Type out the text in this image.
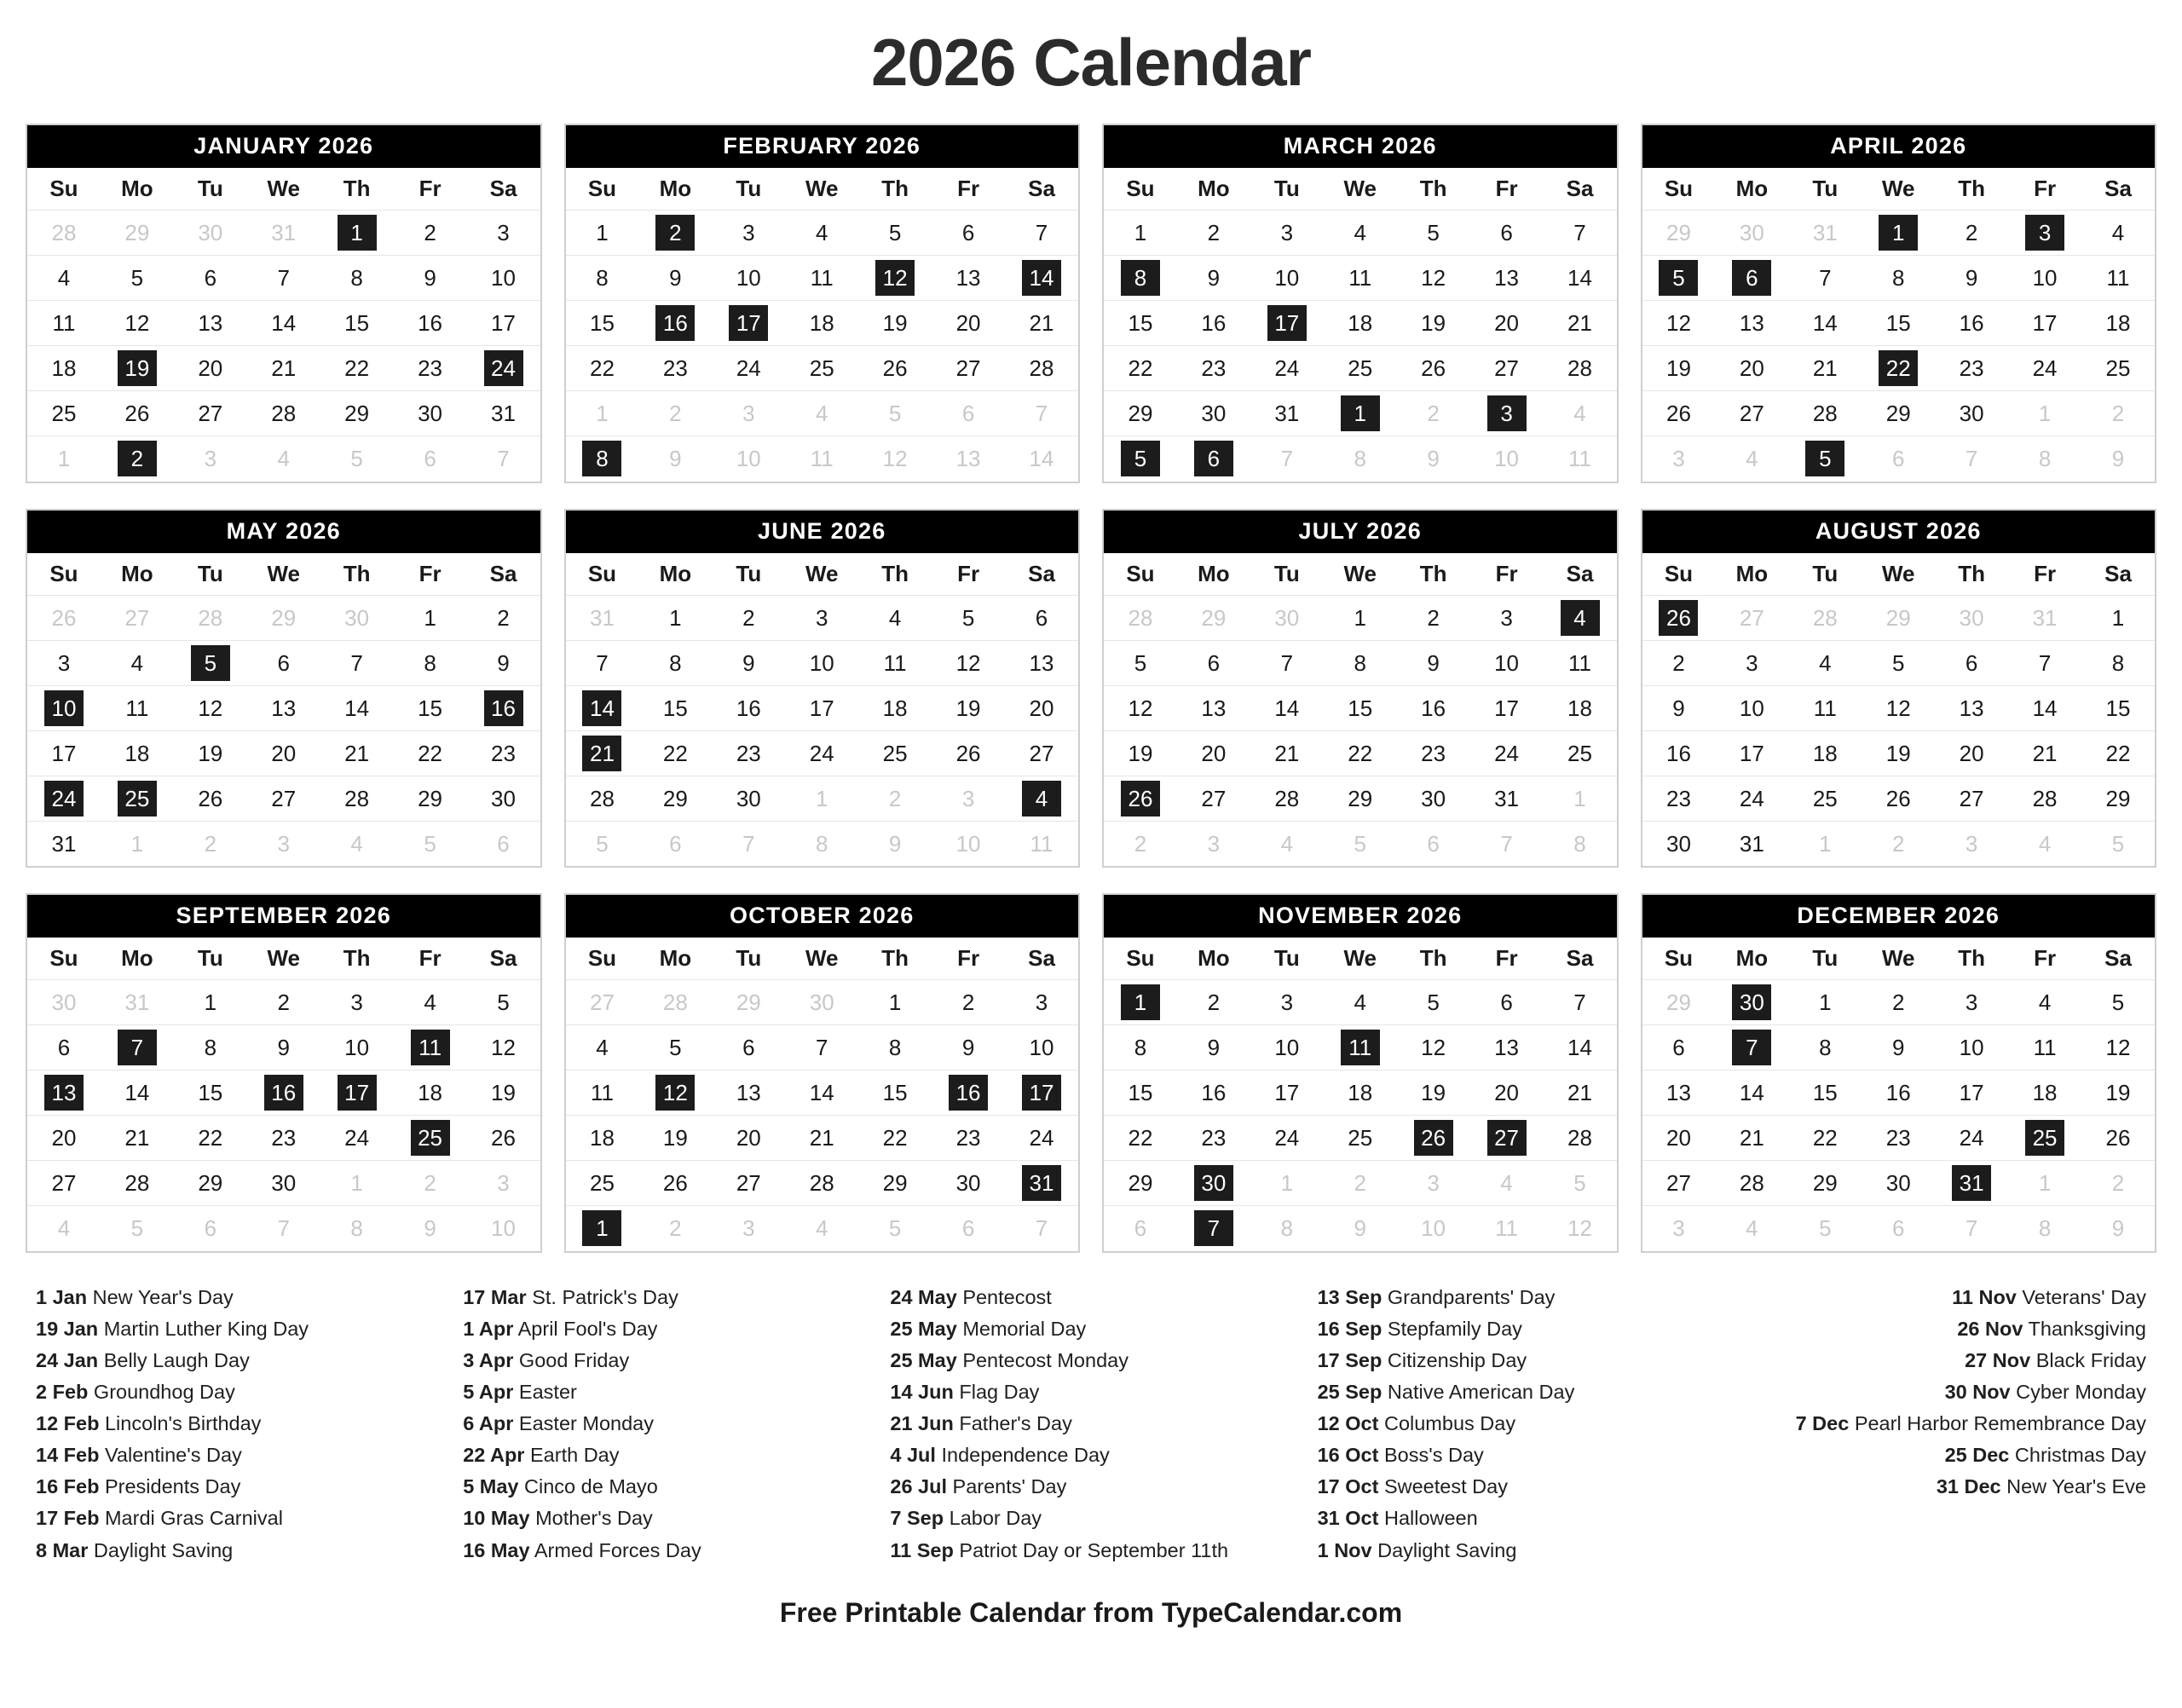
2026 Calendar
JANUARY 2026
Su	Mo	Tu	We	Th	Fr	Sa
28	29	30	31	1	2	3
4	5	6	7	8	9	10
11	12	13	14	15	16	17
18	19	20	21	22	23	24
25	26	27	28	29	30	31
1	2	3	4	5	6	7
FEBRUARY 2026
Su	Mo	Tu	We	Th	Fr	Sa
1	2	3	4	5	6	7
8	9	10	11	12	13	14
15	16	17	18	19	20	21
22	23	24	25	26	27	28
1	2	3	4	5	6	7
8	9	10	11	12	13	14
MARCH 2026
Su	Mo	Tu	We	Th	Fr	Sa
1	2	3	4	5	6	7
8	9	10	11	12	13	14
15	16	17	18	19	20	21
22	23	24	25	26	27	28
29	30	31	1	2	3	4
5	6	7	8	9	10	11
APRIL 2026
Su	Mo	Tu	We	Th	Fr	Sa
29	30	31	1	2	3	4
5	6	7	8	9	10	11
12	13	14	15	16	17	18
19	20	21	22	23	24	25
26	27	28	29	30	1	2
3	4	5	6	7	8	9
MAY 2026
Su	Mo	Tu	We	Th	Fr	Sa
26	27	28	29	30	1	2
3	4	5	6	7	8	9
10	11	12	13	14	15	16
17	18	19	20	21	22	23
24	25	26	27	28	29	30
31	1	2	3	4	5	6
JUNE 2026
Su	Mo	Tu	We	Th	Fr	Sa
31	1	2	3	4	5	6
7	8	9	10	11	12	13
14	15	16	17	18	19	20
21	22	23	24	25	26	27
28	29	30	1	2	3	4
5	6	7	8	9	10	11
JULY 2026
Su	Mo	Tu	We	Th	Fr	Sa
28	29	30	1	2	3	4
5	6	7	8	9	10	11
12	13	14	15	16	17	18
19	20	21	22	23	24	25
26	27	28	29	30	31	1
2	3	4	5	6	7	8
AUGUST 2026
Su	Mo	Tu	We	Th	Fr	Sa
26	27	28	29	30	31	1
2	3	4	5	6	7	8
9	10	11	12	13	14	15
16	17	18	19	20	21	22
23	24	25	26	27	28	29
30	31	1	2	3	4	5
SEPTEMBER 2026
Su	Mo	Tu	We	Th	Fr	Sa
30	31	1	2	3	4	5
6	7	8	9	10	11	12
13	14	15	16	17	18	19
20	21	22	23	24	25	26
27	28	29	30	1	2	3
4	5	6	7	8	9	10
OCTOBER 2026
Su	Mo	Tu	We	Th	Fr	Sa
27	28	29	30	1	2	3
4	5	6	7	8	9	10
11	12	13	14	15	16	17
18	19	20	21	22	23	24
25	26	27	28	29	30	31
1	2	3	4	5	6	7
NOVEMBER 2026
Su	Mo	Tu	We	Th	Fr	Sa
1	2	3	4	5	6	7
8	9	10	11	12	13	14
15	16	17	18	19	20	21
22	23	24	25	26	27	28
29	30	1	2	3	4	5
6	7	8	9	10	11	12
DECEMBER 2026
Su	Mo	Tu	We	Th	Fr	Sa
29	30	1	2	3	4	5
6	7	8	9	10	11	12
13	14	15	16	17	18	19
20	21	22	23	24	25	26
27	28	29	30	31	1	2
3	4	5	6	7	8	9
1 Jan New Year's Day
19 Jan Martin Luther King Day
24 Jan Belly Laugh Day
2 Feb Groundhog Day
12 Feb Lincoln's Birthday
14 Feb Valentine's Day
16 Feb Presidents Day
17 Feb Mardi Gras Carnival
8 Mar Daylight Saving
17 Mar St. Patrick's Day
1 Apr April Fool's Day
3 Apr Good Friday
5 Apr Easter
6 Apr Easter Monday
22 Apr Earth Day
5 May Cinco de Mayo
10 May Mother's Day
16 May Armed Forces Day
24 May Pentecost
25 May Memorial Day
25 May Pentecost Monday
14 Jun Flag Day
21 Jun Father's Day
4 Jul Independence Day
26 Jul Parents' Day
7 Sep Labor Day
11 Sep Patriot Day or September 11th
13 Sep Grandparents' Day
16 Sep Stepfamily Day
17 Sep Citizenship Day
25 Sep Native American Day
12 Oct Columbus Day
16 Oct Boss's Day
17 Oct Sweetest Day
31 Oct Halloween
1 Nov Daylight Saving
11 Nov Veterans' Day
26 Nov Thanksgiving
27 Nov Black Friday
30 Nov Cyber Monday
7 Dec Pearl Harbor Remembrance Day
25 Dec Christmas Day
31 Dec New Year's Eve
Free Printable Calendar from TypeCalendar.com
